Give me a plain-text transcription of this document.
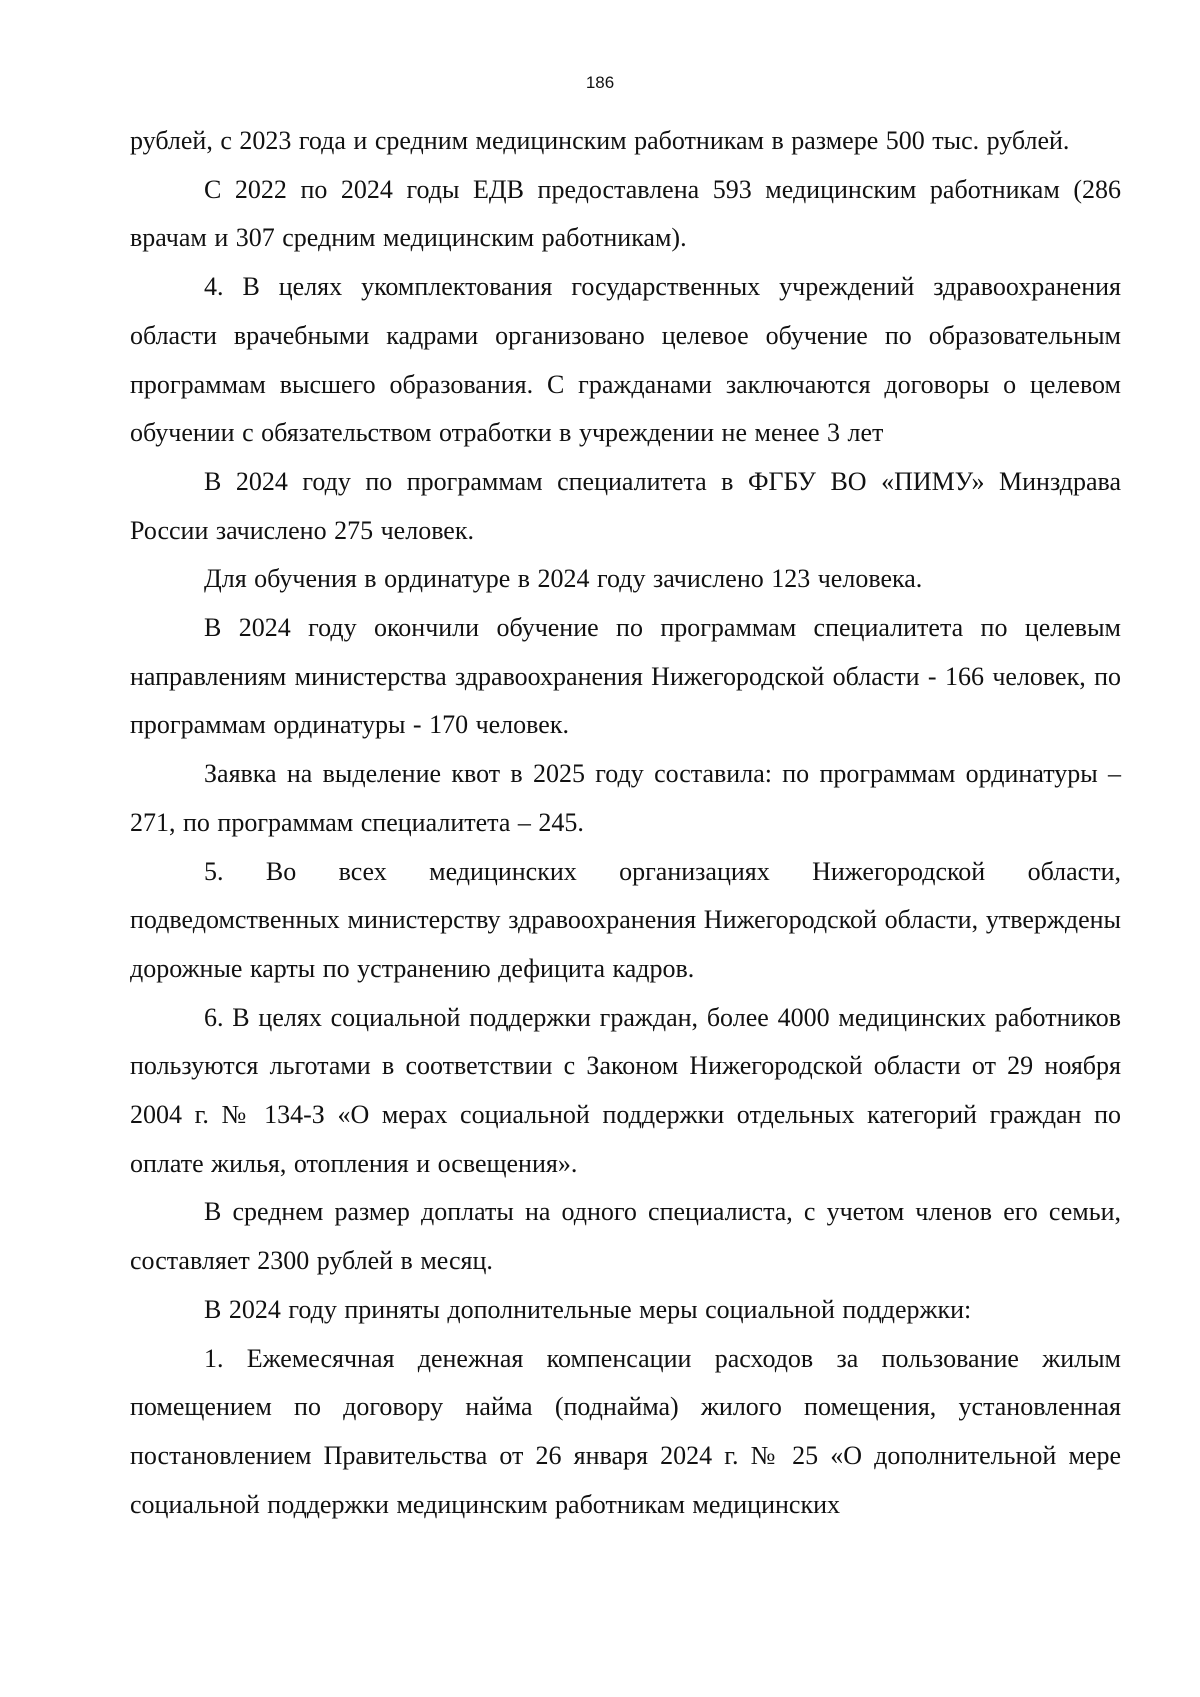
186

рублей, с 2023 года и средним медицинским работникам в размере 500 тыс. рублей.

С 2022 по 2024 годы ЕДВ предоставлена 593 медицинским работникам (286 врачам и 307 средним медицинским работникам).

4. В целях укомплектования государственных учреждений здравоохранения области врачебными кадрами организовано целевое обучение по образовательным программам высшего образования. С гражданами заключаются договоры о целевом обучении с обязательством отработки в учреждении не менее 3 лет

В 2024 году по программам специалитета в ФГБУ ВО «ПИМУ» Минздрава России зачислено 275 человек.

Для обучения в ординатуре в 2024 году зачислено 123 человека.

В 2024 году окончили обучение по программам специалитета по целевым направлениям министерства здравоохранения Нижегородской области - 166 человек, по программам ординатуры - 170 человек.

Заявка на выделение квот в 2025 году составила: по программам ординатуры – 271, по программам специалитета – 245.

5. Во всех медицинских организациях Нижегородской области, подведомственных министерству здравоохранения Нижегородской области, утверждены дорожные карты по устранению дефицита кадров.

6. В целях социальной поддержки граждан, более 4000 медицинских работников пользуются льготами в соответствии с Законом Нижегородской области от 29 ноября 2004 г. № 134-З «О мерах социальной поддержки отдельных категорий граждан по оплате жилья, отопления и освещения».

В среднем размер доплаты на одного специалиста, с учетом членов его семьи, составляет 2300 рублей в месяц.

В 2024 году приняты дополнительные меры социальной поддержки:

1. Ежемесячная денежная компенсации расходов за пользование жилым помещением по договору найма (поднайма) жилого помещения, установленная постановлением Правительства от 26 января 2024 г. № 25 «О дополнительной мере социальной поддержки медицинским работникам медицинских
